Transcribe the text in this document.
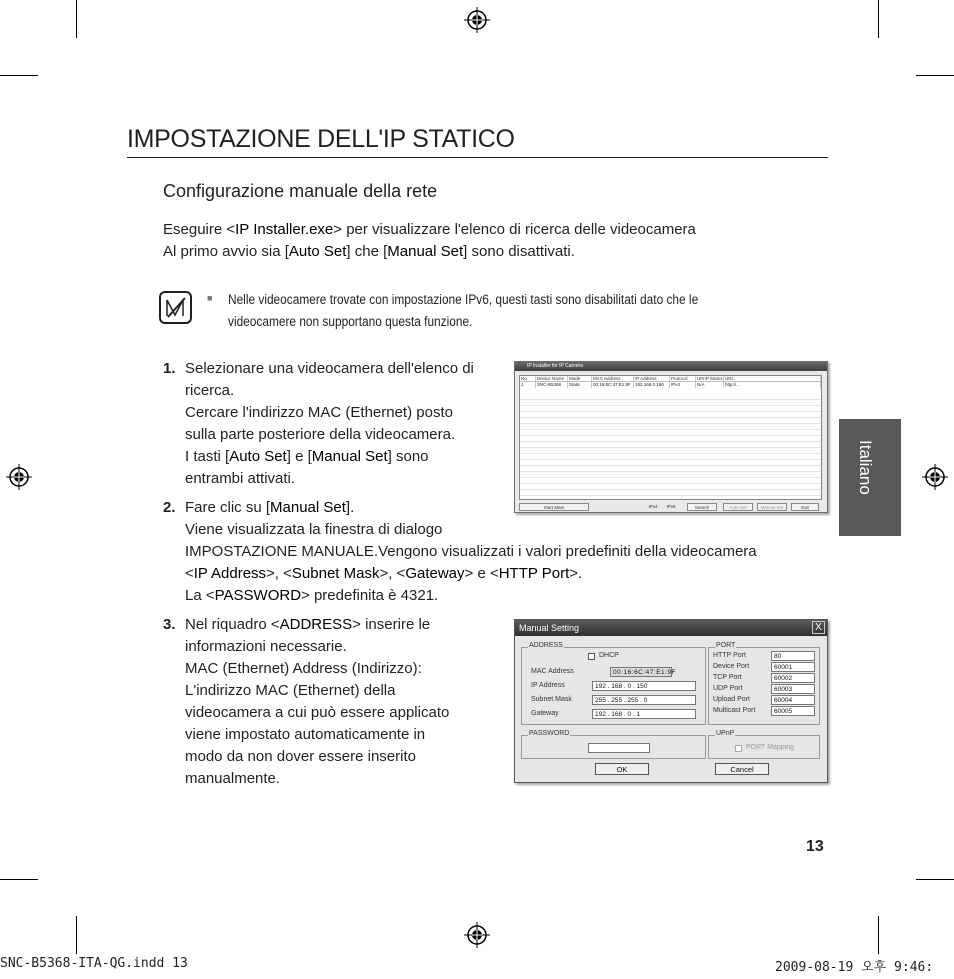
IMPOSTAZIONE DELL'IP STATICO
Configurazione manuale della rete
Eseguire <IP Installer.exe> per visualizzare l'elenco di ricerca delle videocamera
Al primo avvio sia [Auto Set] che [Manual Set] sono disattivati.
■ Nelle videocamere trovate con impostazione IPv6, questi tasti sono disabilitati dato che le
videocamere non supportano questa funzione.
1. Selezionare una videocamera dell'elenco di
ricerca.
Cercare l'indirizzo MAC (Ethernet) posto
sulla parte posteriore della videocamera.
I tasti [Auto Set] e [Manual Set] sono
entrambi attivati.
2. Fare clic su [Manual Set].
Viene visualizzata la finestra di dialogo
IMPOSTAZIONE MANUALE.Vengono visualizzati i valori predefiniti della videocamera
<IP Address>, <Subnet Mask>, <Gateway> e <HTTP Port>.
La <PASSWORD> predefinita è 4321.
3. Nel riquadro <ADDRESS> inserire le
informazioni necessarie.
MAC (Ethernet) Address (Indirizzo):
L'indirizzo MAC (Ethernet) della
videocamera a cui può essere applicato
viene impostato automaticamente in
modo da non dover essere inserito
manualmente.
IP Installer for IP Camera
No	Device Name	Mode	MAC Address	IP Address	Protocol	UPnP Status URL
1	SNC-B5368	Static	00:16:6C:47:E1:9F 192.168.0.150	IPv4	N/A	http://...
Start Mam	IPv4	IPv6	Search	Auto Set	Manual Set	Exit
Manual Setting	X
ADDRESS
DHCP
MAC Address	00:16:6C:47:E1:9F
IP Address	192 . 168 . 0 . 150
Subnet Mask	255 . 255 . 255 . 0
Gateway	192 . 168 . 0 . 1
PORT
HTTP Port	80
Device Port	60001
TCP Port	60002
UDP Port	60003
Upload Port	60004
Multicast Port	60005
PASSWORD	UPnP
PORT Mapping
OK	Cancel
Italiano
13
SNC-B5368-ITA-QG.indd 13	2009-08-19 오후 9:46:
